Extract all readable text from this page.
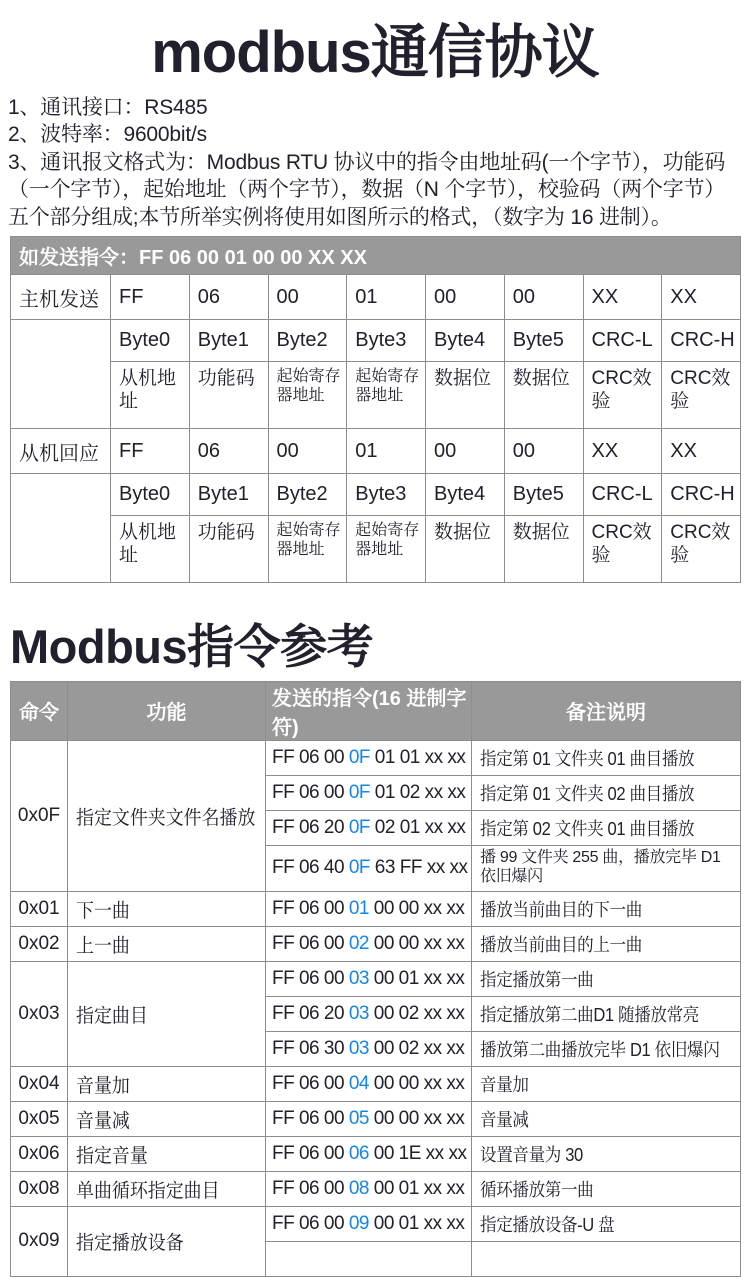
modbus通信协议

1、通讯接口：RS485

2、波特率：9600bit/s

3、通讯报文格式为：Modbus RTU 协议中的指令由地址码(一个字节），功能码（一个字节），起始地址（两个字节），数据（N 个字节），校验码（两个字节）五个部分组成;本节所举实例将使用如图所示的格式，（数字为 16 进制）。

如发送指令：FF 06 00 01 00 00 XX XX								
主机发送	FF	06	00	01	00	00	XX	XX
	Byte0	Byte1	Byte2	Byte3	Byte4	Byte5	CRC-L	CRC-H
	从机地址	功能码	起始寄存器地址	起始寄存器地址	数据位	数据位	CRC效验	CRC效验
从机回应	FF	06	00	01	00	00	XX	XX
	Byte0	Byte1	Byte2	Byte3	Byte4	Byte5	CRC-L	CRC-H
	从机地址	功能码	起始寄存器地址	起始寄存器地址	数据位	数据位	CRC效验	CRC效验
Modbus指令参考
命令	功能	发送的指令(16 进制字符)	备注说明
0x0F	指定文件夹文件名播放	FF 06 00 0F 01 01 xx xx	指定第 01 文件夹 01 曲目播放
		FF 06 00 0F 01 02 xx xx	指定第 01 文件夹 02 曲目播放
		FF 06 20 0F 02 01 xx xx	指定第 02 文件夹 01 曲目播放
		FF 06 40 0F 63 FF xx xx	播 99 文件夹 255 曲，播放完毕 D1 依旧爆闪
0x01	下一曲	FF 06 00 01 00 00 xx xx	播放当前曲目的下一曲
0x02	上一曲	FF 06 00 02 00 00 xx xx	播放当前曲目的上一曲
0x03	指定曲目	FF 06 00 03 00 01 xx xx	指定播放第一曲
		FF 06 20 03 00 02 xx xx	指定播放第二曲D1 随播放常亮
		FF 06 30 03 00 02 xx xx	播放第二曲播放完毕 D1 依旧爆闪
0x04	音量加	FF 06 00 04 00 00 xx xx	音量加
0x05	音量减	FF 06 00 05 00 00 xx xx	音量减
0x06	指定音量	FF 06 00 06 00 1E xx xx	设置音量为 30
0x08	单曲循环指定曲目	FF 06 00 08 00 01 xx xx	循环播放第一曲
0x09	指定播放设备	FF 06 00 09 00 01 xx xx	指定播放设备-U 盘
